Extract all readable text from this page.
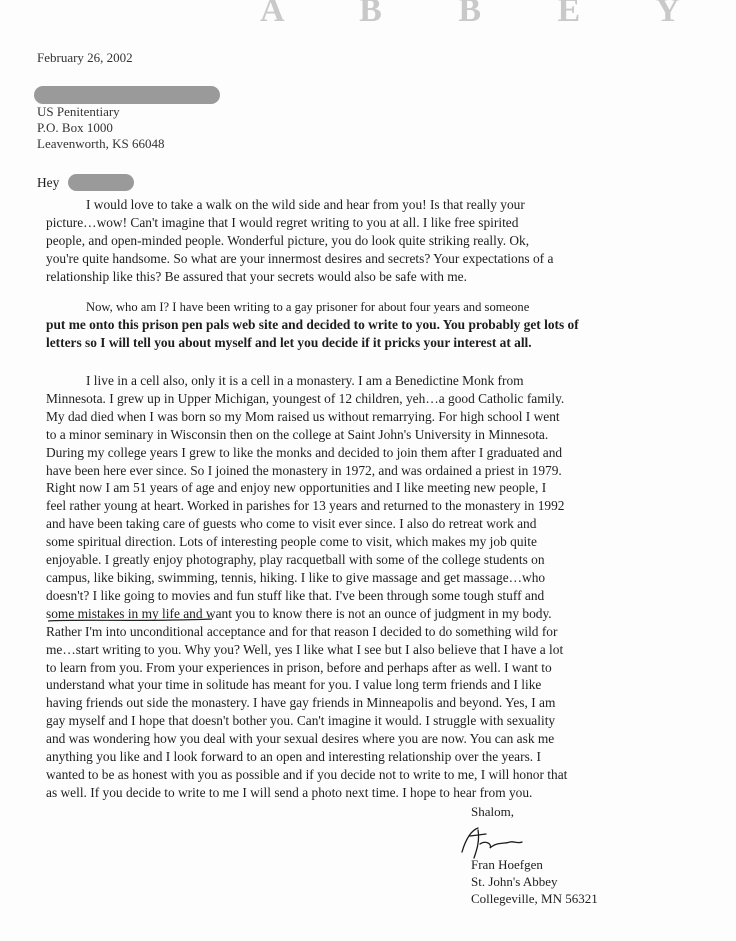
A B B E Y
February 26, 2002
US Penitentiary
P.O. Box 1000
Leavenworth, KS 66048
Hey
I would love to take a walk on the wild side and hear from you! Is that really your
picture…wow! Can't imagine that I would regret writing to you at all. I like free spirited
people, and open-minded people. Wonderful picture, you do look quite striking really. Ok,
you're quite handsome. So what are your innermost desires and secrets? Your expectations of a
relationship like this? Be assured that your secrets would also be safe with me.
Now, who am I? I have been writing to a gay prisoner for about four years and someone
put me onto this prison pen pals web site and decided to write to you. You probably get lots of
letters so I will tell you about myself and let you decide if it pricks your interest at all.
I live in a cell also, only it is a cell in a monastery. I am a Benedictine Monk from
Minnesota. I grew up in Upper Michigan, youngest of 12 children, yeh…a good Catholic family.
My dad died when I was born so my Mom raised us without remarrying. For high school I went
to a minor seminary in Wisconsin then on the college at Saint John's University in Minnesota.
During my college years I grew to like the monks and decided to join them after I graduated and
have been here ever since. So I joined the monastery in 1972, and was ordained a priest in 1979.
Right now I am 51 years of age and enjoy new opportunities and I like meeting new people, I
feel rather young at heart. Worked in parishes for 13 years and returned to the monastery in 1992
and have been taking care of guests who come to visit ever since. I also do retreat work and
some spiritual direction. Lots of interesting people come to visit, which makes my job quite
enjoyable. I greatly enjoy photography, play racquetball with some of the college students on
campus, like biking, swimming, tennis, hiking. I like to give massage and get massage…who
doesn't? I like going to movies and fun stuff like that. I've been through some tough stuff and
some mistakes in my life and want you to know there is not an ounce of judgment in my body.
Rather I'm into unconditional acceptance and for that reason I decided to do something wild for
me…start writing to you. Why you? Well, yes I like what I see but I also believe that I have a lot
to learn from you. From your experiences in prison, before and perhaps after as well. I want to
understand what your time in solitude has meant for you. I value long term friends and I like
having friends out side the monastery. I have gay friends in Minneapolis and beyond. Yes, I am
gay myself and I hope that doesn't bother you. Can't imagine it would. I struggle with sexuality
and was wondering how you deal with your sexual desires where you are now. You can ask me
anything you like and I look forward to an open and interesting relationship over the years. I
wanted to be as honest with you as possible and if you decide not to write to me, I will honor that
as well. If you decide to write to me I will send a photo next time. I hope to hear from you.
Shalom,
Fran Hoefgen
St. John's Abbey
Collegeville, MN 56321
